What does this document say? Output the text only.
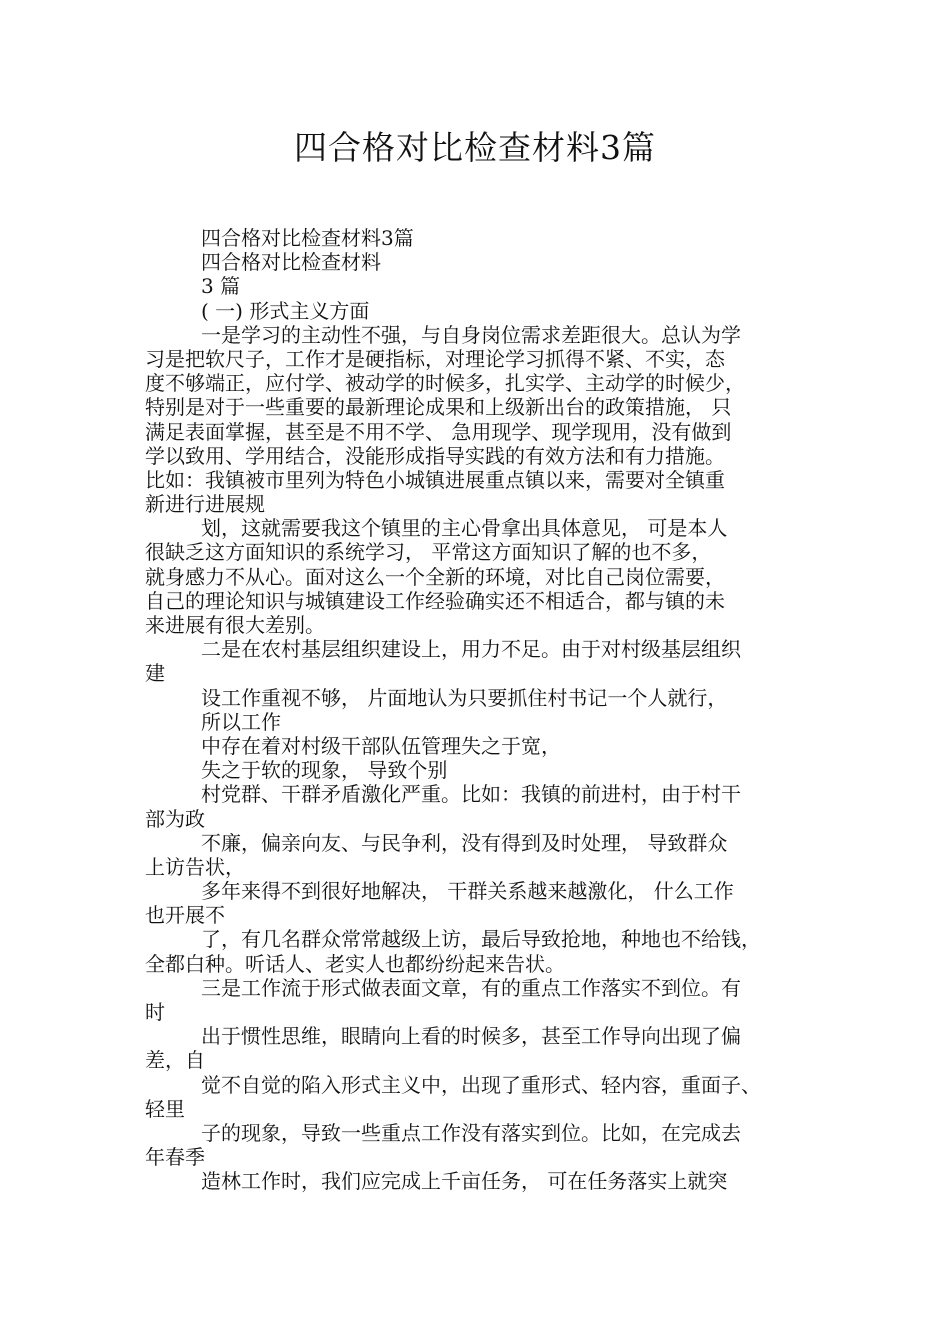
四合格对比检查材料3篇
四合格对比检查材料3篇
四合格对比检查材料
3 篇
( 一) 形式主义方面
一是学习的主动性不强，与自身岗位需求差距很大。总认为学
习是把软尺子，工作才是硬指标，对理论学习抓得不紧、不实，态
度不够端正，应付学、被动学的时候多，扎实学、主动学的时候少，
特别是对于一些重要的最新理论成果和上级新出台的政策措施， 只
满足表面掌握，甚至是不用不学、 急用现学、现学现用，没有做到
学以致用、学用结合，没能形成指导实践的有效方法和有力措施。
比如：我镇被市里列为特色小城镇进展重点镇以来，需要对全镇重
新进行进展规
划，这就需要我这个镇里的主心骨拿出具体意见， 可是本人
很缺乏这方面知识的系统学习， 平常这方面知识了解的也不多，
就身感力不从心。面对这么一个全新的环境，对比自己岗位需要，
自己的理论知识与城镇建设工作经验确实还不相适合，都与镇的未
来进展有很大差别。
二是在农村基层组织建设上，用力不足。由于对村级基层组织
建
设工作重视不够， 片面地认为只要抓住村书记一个人就行，
所以工作
中存在着对村级干部队伍管理失之于宽，
失之于软的现象， 导致个别
村党群、干群矛盾激化严重。比如：我镇的前进村，由于村干
部为政
不廉，偏亲向友、与民争利，没有得到及时处理， 导致群众
上访告状，
多年来得不到很好地解决， 干群关系越来越激化， 什么工作
也开展不
了，有几名群众常常越级上访，最后导致抢地，种地也不给钱，
全都白种。听话人、老实人也都纷纷起来告状。
三是工作流于形式做表面文章，有的重点工作落实不到位。有
时
出于惯性思维，眼睛向上看的时候多，甚至工作导向出现了偏
差，自
觉不自觉的陷入形式主义中，出现了重形式、轻内容，重面子、
轻里
子的现象，导致一些重点工作没有落实到位。比如，在完成去
年春季
造林工作时，我们应完成上千亩任务， 可在任务落实上就突
